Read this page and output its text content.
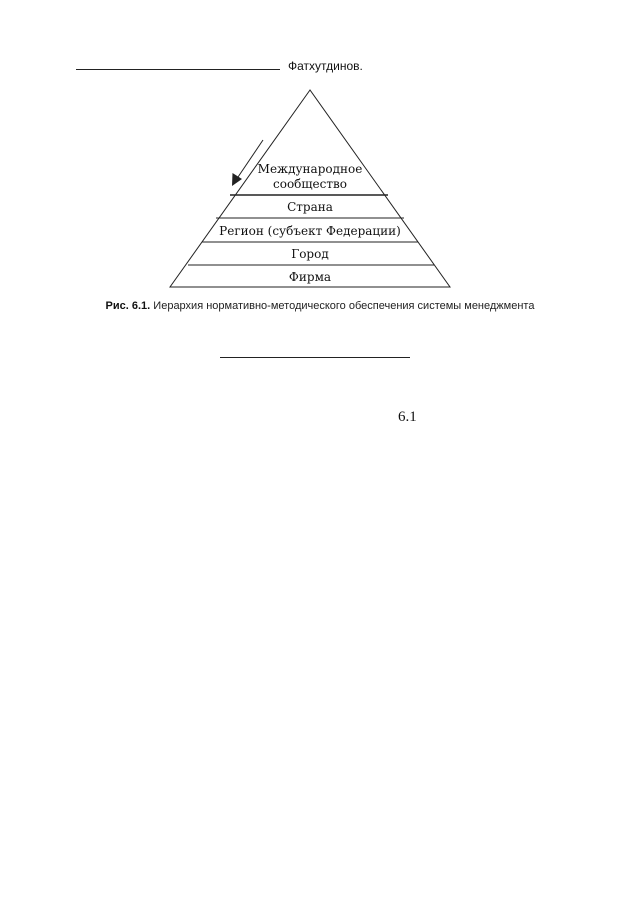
Фатхутдинов.
Международное
сообщество
Страна
Регион (субъект Федерации)
Город
Фирма
Рис. 6.1. Иерархия нормативно-методического обеспечения системы менеджмента
6.1
